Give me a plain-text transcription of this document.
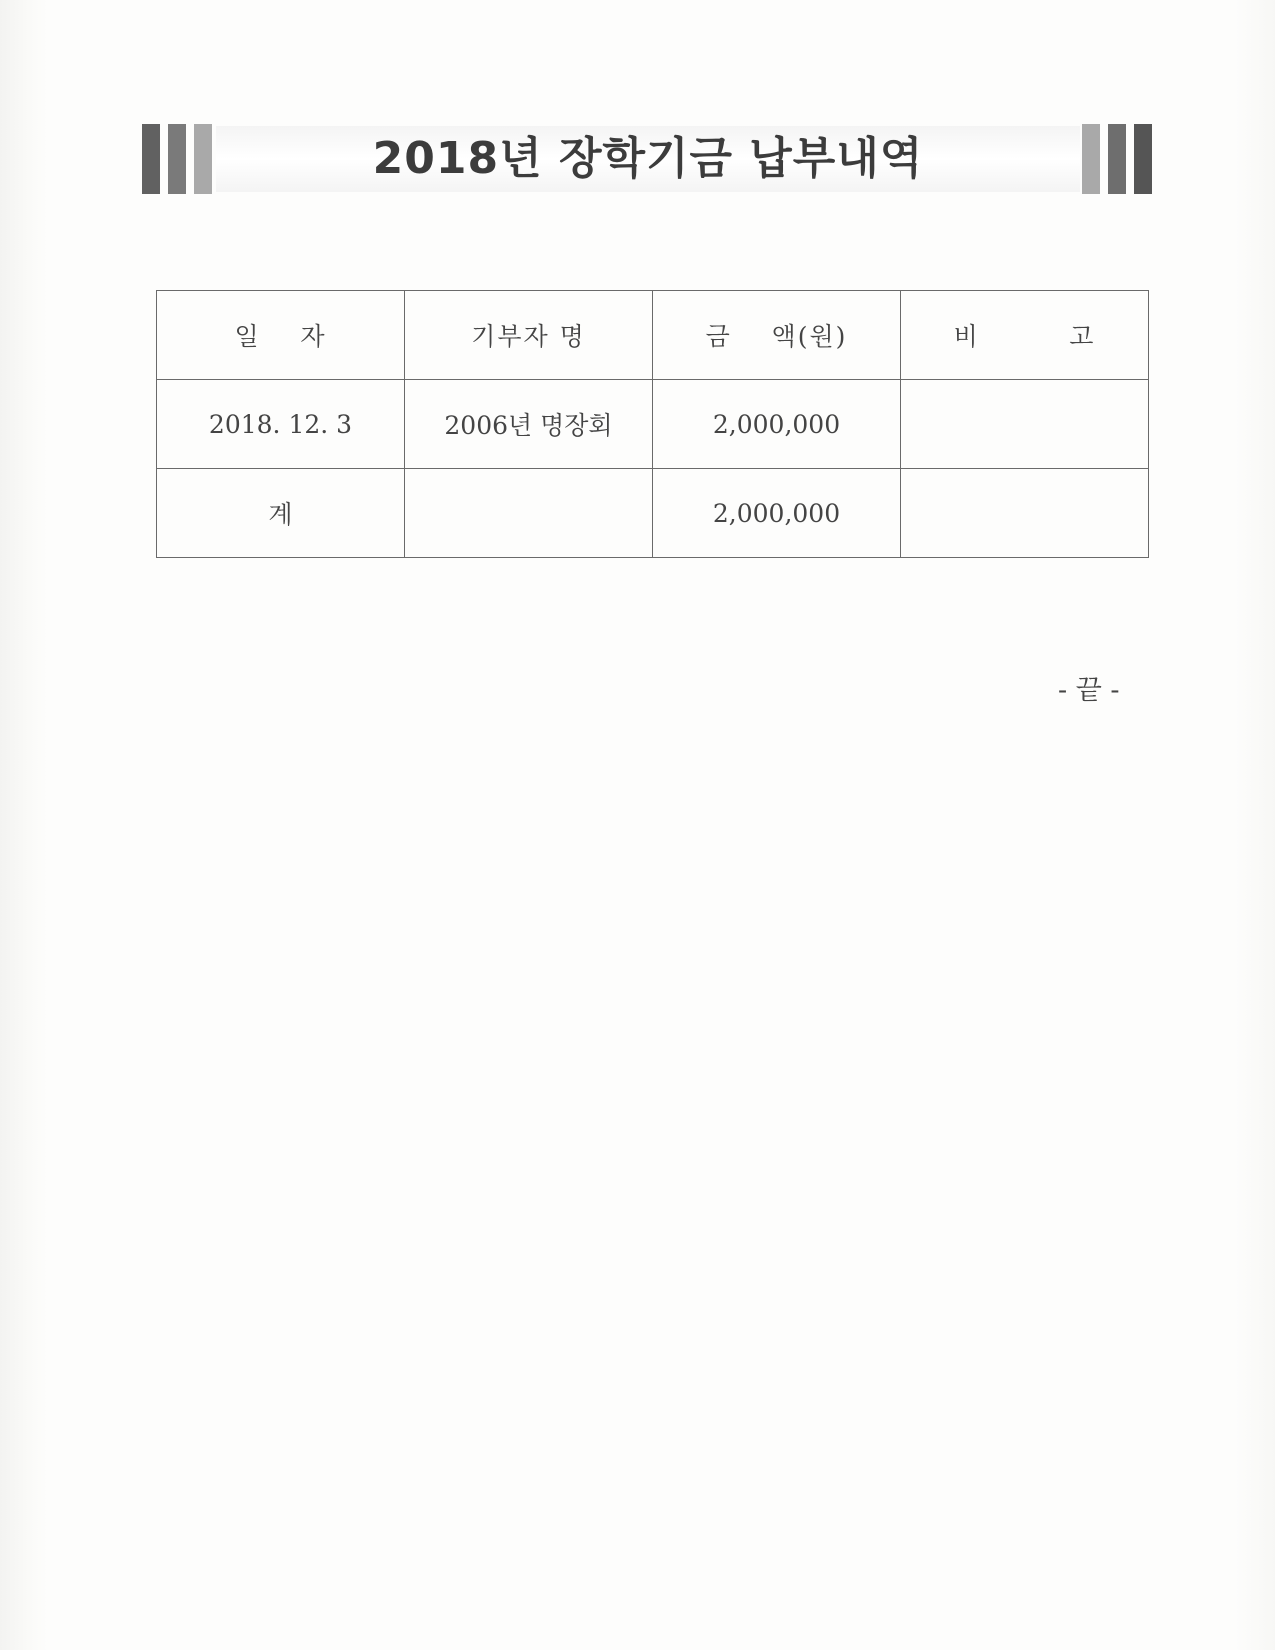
2018년 장학기금 납부내역
일    자	기부자 명	금    액(원)	비         고
2018. 12. 3	2006년 명장회	2,000,000	
계		2,000,000	
- 끝 -
